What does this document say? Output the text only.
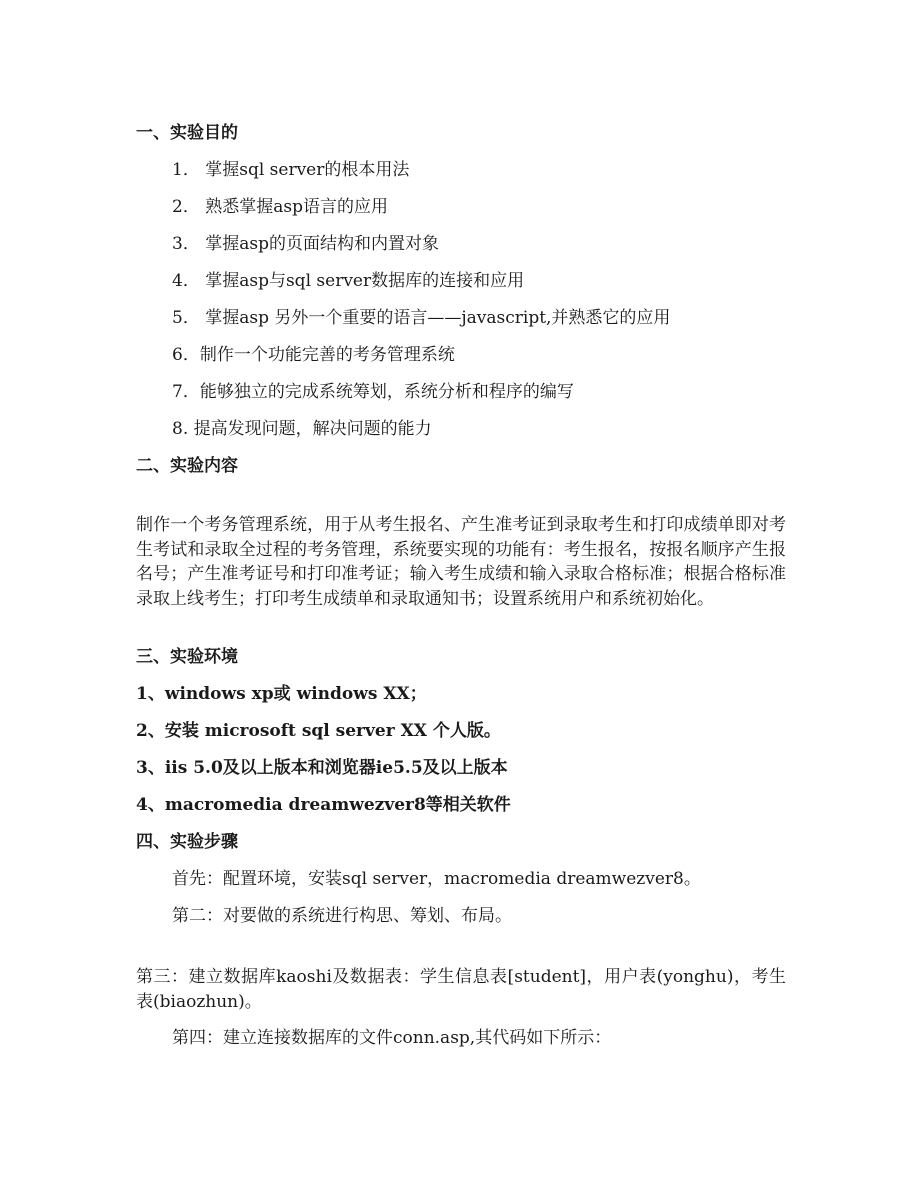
一、实验目的
1． 掌握sql server的根本用法
2． 熟悉掌握asp语言的应用
3． 掌握asp的页面结构和内置对象
4． 掌握asp与sql server数据库的连接和应用
5． 掌握asp 另外一个重要的语言——javascript,并熟悉它的应用
6．制作一个功能完善的考务管理系统
7．能够独立的完成系统筹划，系统分析和程序的编写
8. 提高发现问题，解决问题的能力
二、实验内容
制作一个考务管理系统，用于从考生报名、产生准考证到录取考生和打印成绩单即对考生考试和录取全过程的考务管理，系统要实现的功能有：考生报名，按报名顺序产生报名号；产生准考证号和打印准考证；输入考生成绩和输入录取合格标准；根据合格标准录取上线考生；打印考生成绩单和录取通知书；设置系统用户和系统初始化。
三、实验环境
1、windows xp或 windows XX；
2、安装 microsoft sql server XX 个人版。
3、iis 5.0及以上版本和浏览器ie5.5及以上版本
4、macromedia dreamwezver8等相关软件
四、实验步骤
首先：配置环境，安装sql server，macromedia dreamwezver8。
第二：对要做的系统进行构思、筹划、布局。
第三：建立数据库kaoshi及数据表：学生信息表[student]，用户表(yonghu)，考生表(biaozhun)。
第四：建立连接数据库的文件conn.asp,其代码如下所示：
